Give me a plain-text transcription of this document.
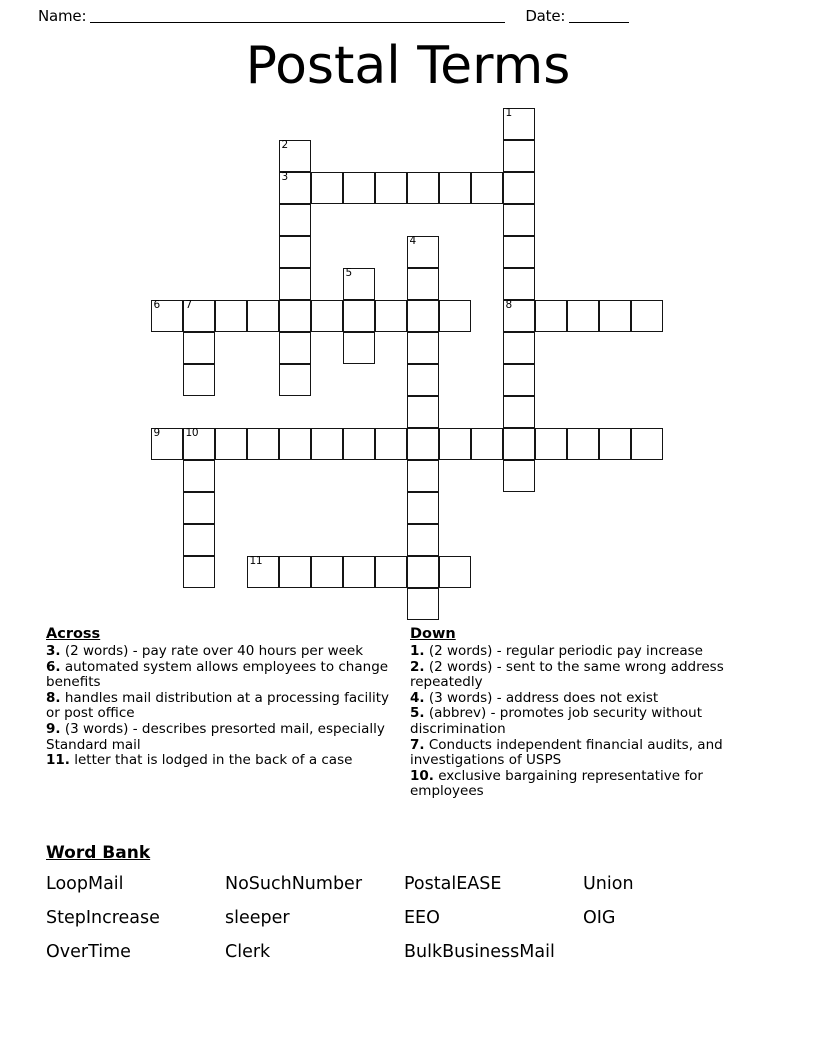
Name:	Date:
Postal Terms
1
2
3
4
5
6 7	8
9 10
11
Across

3. (2 words) - pay rate over 40 hours per week

6. automated system allows employees to change benefits

8. handles mail distribution at a processing facility or post office

9. (3 words) - describes presorted mail, especially Standard mail

11. letter that is lodged in the back of a case

Down

1. (2 words) - regular periodic pay increase

2. (2 words) - sent to the same wrong address repeatedly

4. (3 words) - address does not exist

5. (abbrev) - promotes job security without discrimination

7. Conducts independent financial audits, and investigations of USPS

10. exclusive bargaining representative for employees

Word Bank
LoopMail	NoSuchNumber	PostalEASE	Union
StepIncrease	sleeper	EEO	OIG
OverTime	Clerk	BulkBusinessMail
